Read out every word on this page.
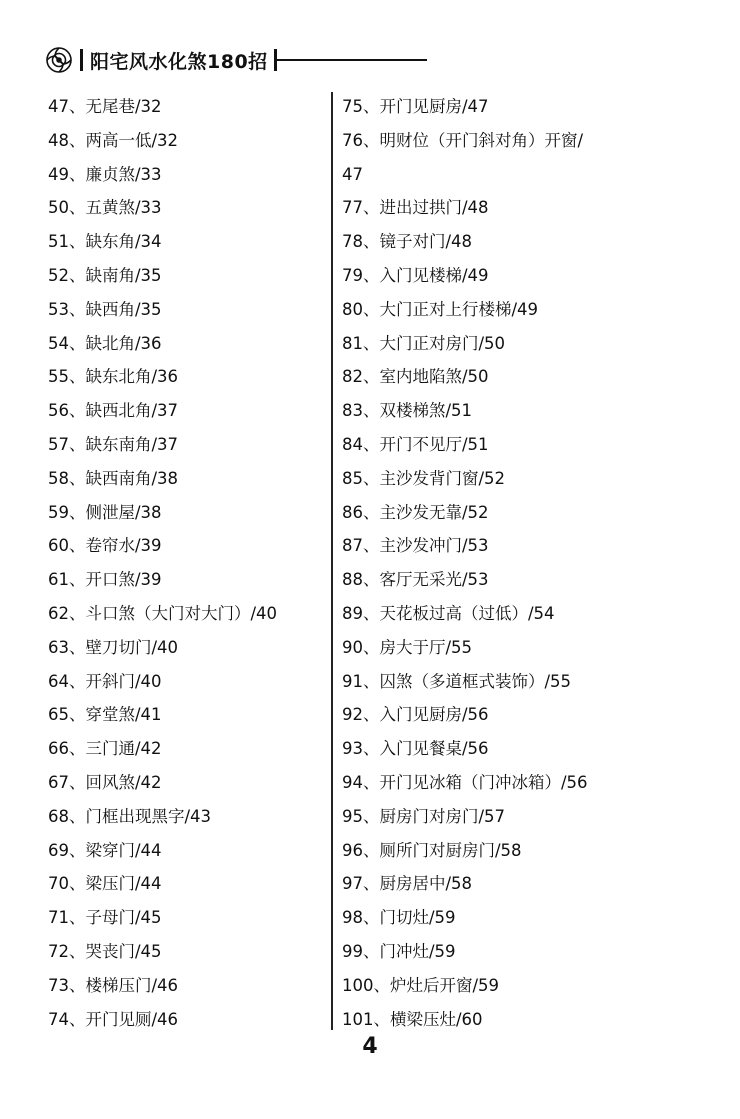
阳宅风水化煞180招
47、无尾巷/32
48、两高一低/32
49、廉贞煞/33
50、五黄煞/33
51、缺东角/34
52、缺南角/35
53、缺西角/35
54、缺北角/36
55、缺东北角/36
56、缺西北角/37
57、缺东南角/37
58、缺西南角/38
59、侧泄屋/38
60、卷帘水/39
61、开口煞/39
62、斗口煞（大门对大门）/40
63、壁刀切门/40
64、开斜门/40
65、穿堂煞/41
66、三门通/42
67、回风煞/42
68、门框出现黑字/43
69、梁穿门/44
70、梁压门/44
71、子母门/45
72、哭丧门/45
73、楼梯压门/46
74、开门见厕/46
75、开门见厨房/47
76、明财位（开门斜对角）开窗/
47
77、进出过拱门/48
78、镜子对门/48
79、入门见楼梯/49
80、大门正对上行楼梯/49
81、大门正对房门/50
82、室内地陷煞/50
83、双楼梯煞/51
84、开门不见厅/51
85、主沙发背门窗/52
86、主沙发无靠/52
87、主沙发冲门/53
88、客厅无采光/53
89、天花板过高（过低）/54
90、房大于厅/55
91、囚煞（多道框式装饰）/55
92、入门见厨房/56
93、入门见餐桌/56
94、开门见冰箱（门冲冰箱）/56
95、厨房门对房门/57
96、厕所门对厨房门/58
97、厨房居中/58
98、门切灶/59
99、门冲灶/59
100、炉灶后开窗/59
101、横梁压灶/60
4
